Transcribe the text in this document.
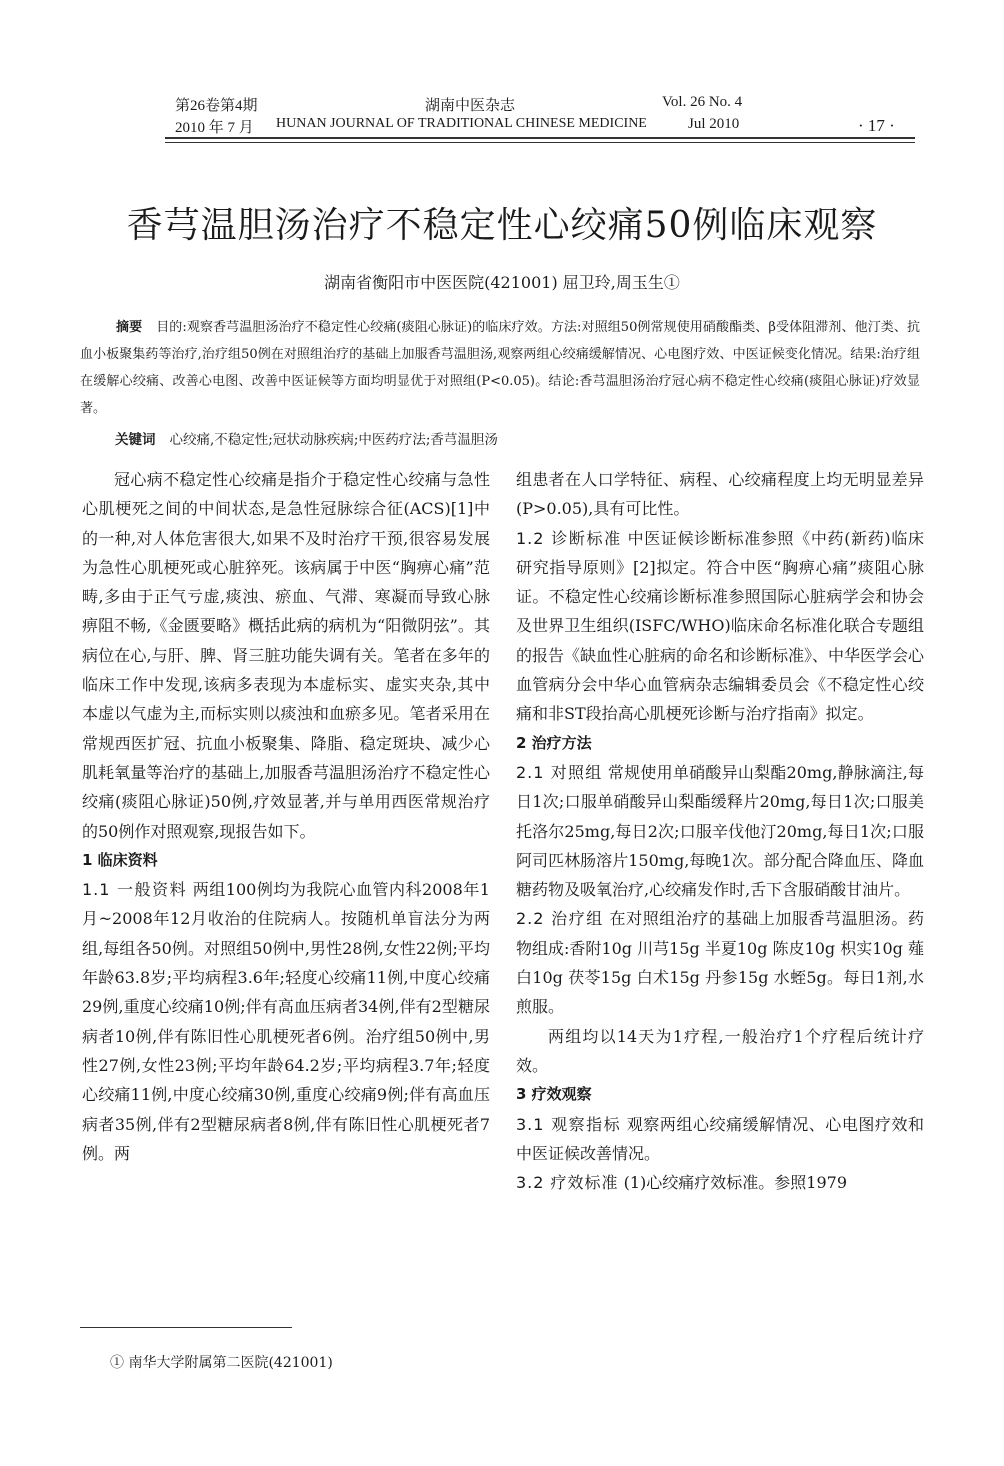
第26卷第4期	湖南中医杂志	Vol. 26 No. 4
2010 年 7 月 HUNAN JOURNAL OF TRADITIONAL CHINESE MEDICINE	Jul 2010	· 17 ·
香芎温胆汤治疗不稳定性心绞痛50例临床观察
湖南省衡阳市中医医院(421001) 屈卫玲,周玉生①
摘要 目的:观察香芎温胆汤治疗不稳定性心绞痛(痰阻心脉证)的临床疗效。方法:对照组50例常规使用硝酸酯类、β受体阻滞剂、他汀类、抗血小板聚集药等治疗,治疗组50例在对照组治疗的基础上加服香芎温胆汤,观察两组心绞痛缓解情况、心电图疗效、中医证候变化情况。结果:治疗组在缓解心绞痛、改善心电图、改善中医证候等方面均明显优于对照组(P<0.05)。结论:香芎温胆汤治疗冠心病不稳定性心绞痛(痰阻心脉证)疗效显著。
关键词 心绞痛,不稳定性;冠状动脉疾病;中医药疗法;香芎温胆汤

冠心病不稳定性心绞痛是指介于稳定性心绞痛与急性心肌梗死之间的中间状态,是急性冠脉综合征(ACS)[1]中的一种,对人体危害很大,如果不及时治疗干预,很容易发展为急性心肌梗死或心脏猝死。该病属于中医“胸痹心痛”范畴,多由于正气亏虚,痰浊、瘀血、气滞、寒凝而导致心脉痹阻不畅,《金匮要略》概括此病的病机为“阳微阴弦”。其病位在心,与肝、脾、肾三脏功能失调有关。笔者在多年的临床工作中发现,该病多表现为本虚标实、虚实夹杂,其中本虚以气虚为主,而标实则以痰浊和血瘀多见。笔者采用在常规西医扩冠、抗血小板聚集、降脂、稳定斑块、减少心肌耗氧量等治疗的基础上,加服香芎温胆汤治疗不稳定性心绞痛(痰阻心脉证)50例,疗效显著,并与单用西医常规治疗的50例作对照观察,现报告如下。

1 临床资料

1.1 一般资料 两组100例均为我院心血管内科2008年1月~2008年12月收治的住院病人。按随机单盲法分为两组,每组各50例。对照组50例中,男性28例,女性22例;平均年龄63.8岁;平均病程3.6年;轻度心绞痛11例,中度心绞痛29例,重度心绞痛10例;伴有高血压病者34例,伴有2型糖尿病者10例,伴有陈旧性心肌梗死者6例。治疗组50例中,男性27例,女性23例;平均年龄64.2岁;平均病程3.7年;轻度心绞痛11例,中度心绞痛30例,重度心绞痛9例;伴有高血压病者35例,伴有2型糖尿病者8例,伴有陈旧性心肌梗死者7例。两

组患者在人口学特征、病程、心绞痛程度上均无明显差异(P>0.05),具有可比性。

1.2 诊断标准 中医证候诊断标准参照《中药(新药)临床研究指导原则》[2]拟定。符合中医“胸痹心痛”痰阻心脉证。不稳定性心绞痛诊断标准参照国际心脏病学会和协会及世界卫生组织(ISFC/WHO)临床命名标准化联合专题组的报告《缺血性心脏病的命名和诊断标准》、中华医学会心血管病分会中华心血管病杂志编辑委员会《不稳定性心绞痛和非ST段抬高心肌梗死诊断与治疗指南》拟定。

2 治疗方法

2.1 对照组 常规使用单硝酸异山梨酯20mg,静脉滴注,每日1次;口服单硝酸异山梨酯缓释片20mg,每日1次;口服美托洛尔25mg,每日2次;口服辛伐他汀20mg,每日1次;口服阿司匹林肠溶片150mg,每晚1次。部分配合降血压、降血糖药物及吸氧治疗,心绞痛发作时,舌下含服硝酸甘油片。

2.2 治疗组 在对照组治疗的基础上加服香芎温胆汤。药物组成:香附10g 川芎15g 半夏10g 陈皮10g 枳实10g 薤白10g 茯苓15g 白术15g 丹参15g 水蛭5g。每日1剂,水煎服。

两组均以14天为1疗程,一般治疗1个疗程后统计疗效。

3 疗效观察

3.1 观察指标 观察两组心绞痛缓解情况、心电图疗效和中医证候改善情况。

3.2 疗效标准 (1)心绞痛疗效标准。参照1979

① 南华大学附属第二医院(421001)
